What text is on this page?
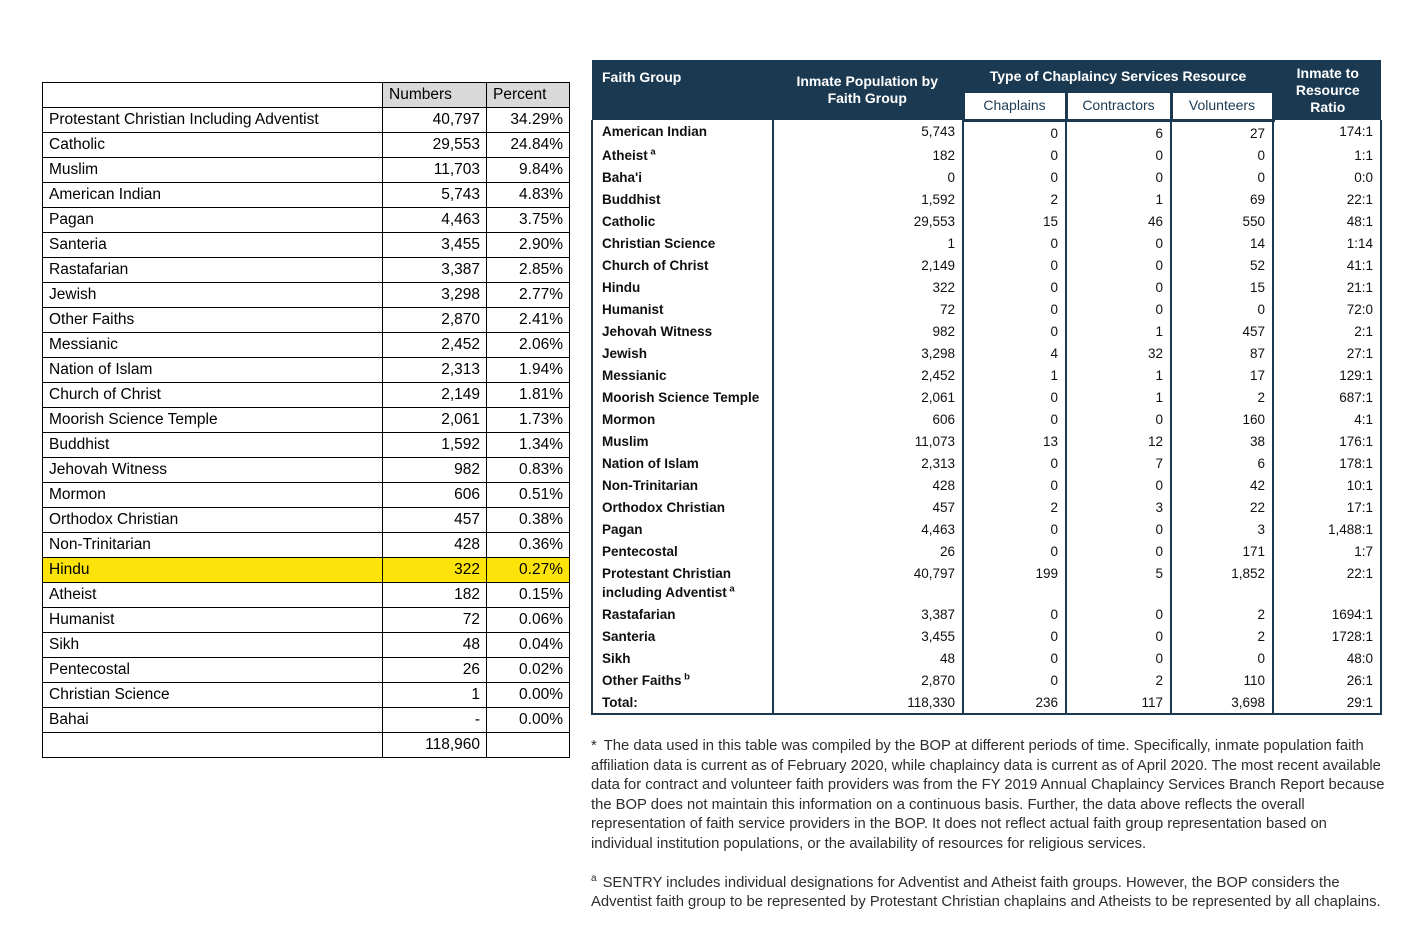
	Numbers	Percent
Protestant Christian Including Adventist	40,797	34.29%
Catholic	29,553	24.84%
Muslim	11,703	9.84%
American Indian	5,743	4.83%
Pagan	4,463	3.75%
Santeria	3,455	2.90%
Rastafarian	3,387	2.85%
Jewish	3,298	2.77%
Other Faiths	2,870	2.41%
Messianic	2,452	2.06%
Nation of Islam	2,313	1.94%
Church of Christ	2,149	1.81%
Moorish Science Temple	2,061	1.73%
Buddhist	1,592	1.34%
Jehovah Witness	982	0.83%
Mormon	606	0.51%
Orthodox Christian	457	0.38%
Non-Trinitarian	428	0.36%
Hindu	322	0.27%
Atheist	182	0.15%
Humanist	72	0.06%
Sikh	48	0.04%
Pentecostal	26	0.02%
Christian Science	1	0.00%
Bahai	-	0.00%
	118,960	
Faith Group	Inmate Population by Faith Group	Type of Chaplaincy Services Resource			Inmate to Resource Ratio
		Chaplains	Contractors	Volunteers	
American Indian	5,743	0	6	27	174:1
Atheist $^a$	182	0	0	0	1:1
Baha'i	0	0	0	0	0:0
Buddhist	1,592	2	1	69	22:1
Catholic	29,553	15	46	550	48:1
Christian Science	1	0	0	14	1:14
Church of Christ	2,149	0	0	52	41:1
Hindu	322	0	0	15	21:1
Humanist	72	0	0	0	72:0
Jehovah Witness	982	0	1	457	2:1
Jewish	3,298	4	32	87	27:1
Messianic	2,452	1	1	17	129:1
Moorish Science Temple	2,061	0	1	2	687:1
Mormon	606	0	0	160	4:1
Muslim	11,073	13	12	38	176:1
Nation of Islam	2,313	0	7	6	178:1
Non-Trinitarian	428	0	0	42	10:1
Orthodox Christian	457	2	3	22	17:1
Pagan	4,463	0	0	3	1,488:1
Pentecostal	26	0	0	171	1:7
Protestant Christian including Adventist $^a$	40,797	199	5	1,852	22:1
Rastafarian	3,387	0	0	2	1694:1
Santeria	3,455	0	0	2	1728:1
Sikh	48	0	0	0	48:0
Other Faiths $^b$	2,870	0	2	110	26:1
Total:	118,330	236	117	3,698	29:1

* The data used in this table was compiled by the BOP at different periods of time. Specifically, inmate population faith affiliation data is current as of February 2020, while chaplaincy data is current as of April 2020. The most recent available data for contract and volunteer faith providers was from the FY 2019 Annual Chaplaincy Services Branch Report because the BOP does not maintain this information on a continuous basis. Further, the data above reflects the overall representation of faith service providers in the BOP. It does not reflect actual faith group representation based on individual institution populations, or the availability of resources for religious services.

$^a$ SENTRY includes individual designations for Adventist and Atheist faith groups. However, the BOP considers the Adventist faith group to be represented by Protestant Christian chaplains and Atheists to be represented by all chaplains.
